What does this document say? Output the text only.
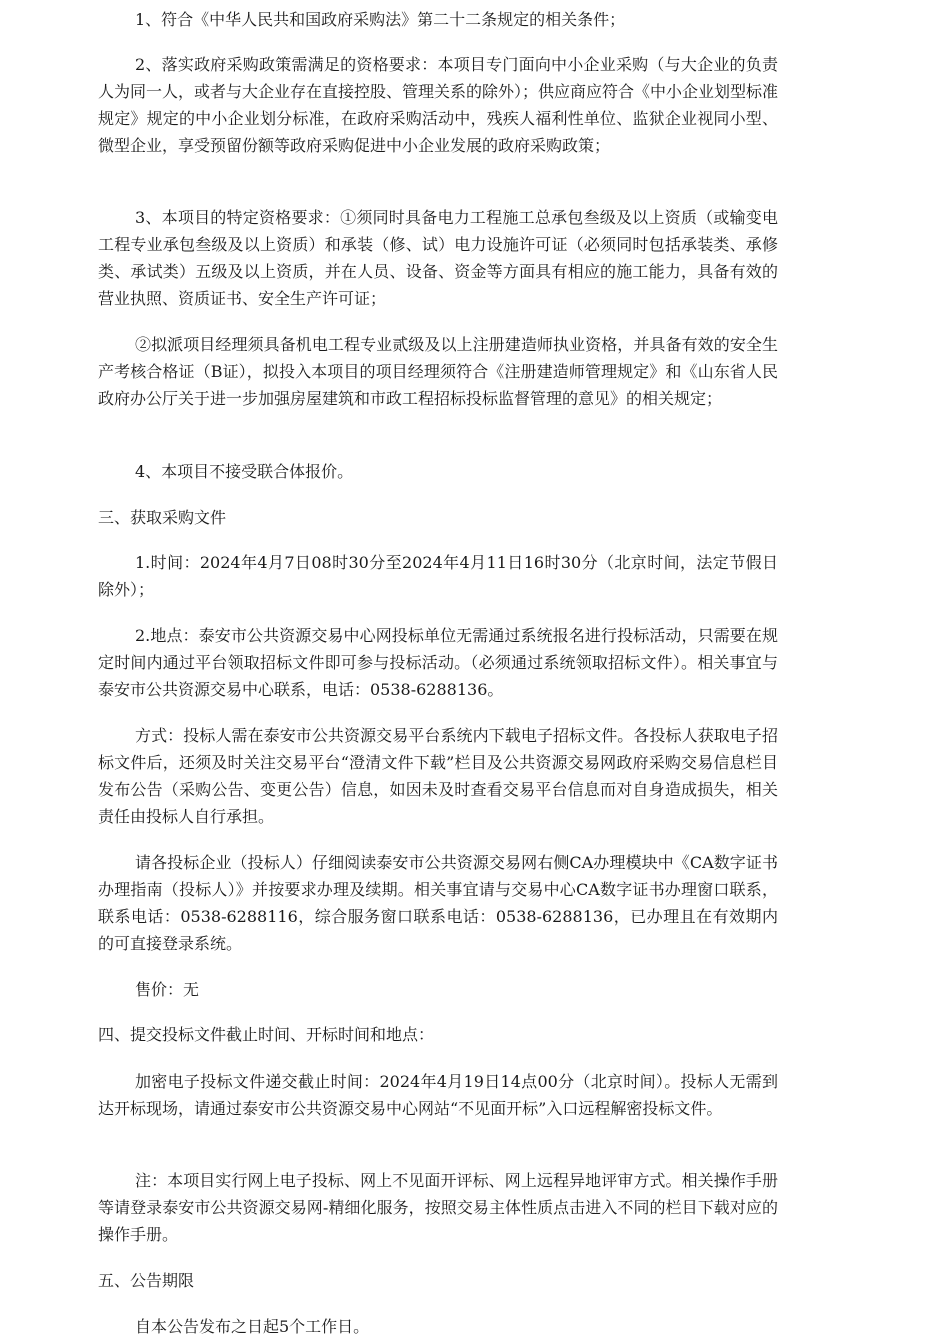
1、符合《中华人民共和国政府采购法》第二十二条规定的相关条件；

2、落实政府采购政策需满足的资格要求：本项目专门面向中小企业采购（与大企业的负责人为同一人，或者与大企业存在直接控股、管理关系的除外）；供应商应符合《中小企业划型标准规定》规定的中小企业划分标准，在政府采购活动中，残疾人福利性单位、监狱企业视同小型、微型企业，享受预留份额等政府采购促进中小企业发展的政府采购政策；

3、本项目的特定资格要求：①须同时具备电力工程施工总承包叁级及以上资质（或输变电工程专业承包叁级及以上资质）和承装（修、试）电力设施许可证（必须同时包括承装类、承修类、承试类）五级及以上资质，并在人员、设备、资金等方面具有相应的施工能力，具备有效的营业执照、资质证书、安全生产许可证；

②拟派项目经理须具备机电工程专业贰级及以上注册建造师执业资格，并具备有效的安全生产考核合格证（B证），拟投入本项目的项目经理须符合《注册建造师管理规定》和《山东省人民政府办公厅关于进一步加强房屋建筑和市政工程招标投标监督管理的意见》的相关规定；

4、本项目不接受联合体报价。

三、获取采购文件

1.时间：2024年4月7日08时30分至2024年4月11日16时30分（北京时间，法定节假日除外）；

2.地点：泰安市公共资源交易中心网投标单位无需通过系统报名进行投标活动，只需要在规定时间内通过平台领取招标文件即可参与投标活动。（必须通过系统领取招标文件）。相关事宜与泰安市公共资源交易中心联系，电话：0538-6288136。

方式：投标人需在泰安市公共资源交易平台系统内下载电子招标文件。各投标人获取电子招标文件后，还须及时关注交易平台“澄清文件下载”栏目及公共资源交易网政府采购交易信息栏目发布公告（采购公告、变更公告）信息，如因未及时查看交易平台信息而对自身造成损失，相关责任由投标人自行承担。

请各投标企业（投标人）仔细阅读泰安市公共资源交易网右侧CA办理模块中《CA数字证书办理指南（投标人）》并按要求办理及续期。相关事宜请与交易中心CA数字证书办理窗口联系，联系电话：0538-6288116，综合服务窗口联系电话：0538-6288136，已办理且在有效期内的可直接登录系统。

售价：无

四、提交投标文件截止时间、开标时间和地点：

加密电子投标文件递交截止时间：2024年4月19日14点00分（北京时间）。投标人无需到达开标现场，请通过泰安市公共资源交易中心网站“不见面开标”入口远程解密投标文件。

注：本项目实行网上电子投标、网上不见面开评标、网上远程异地评审方式。相关操作手册等请登录泰安市公共资源交易网-精细化服务，按照交易主体性质点击进入不同的栏目下载对应的操作手册。

五、公告期限

自本公告发布之日起5个工作日。
